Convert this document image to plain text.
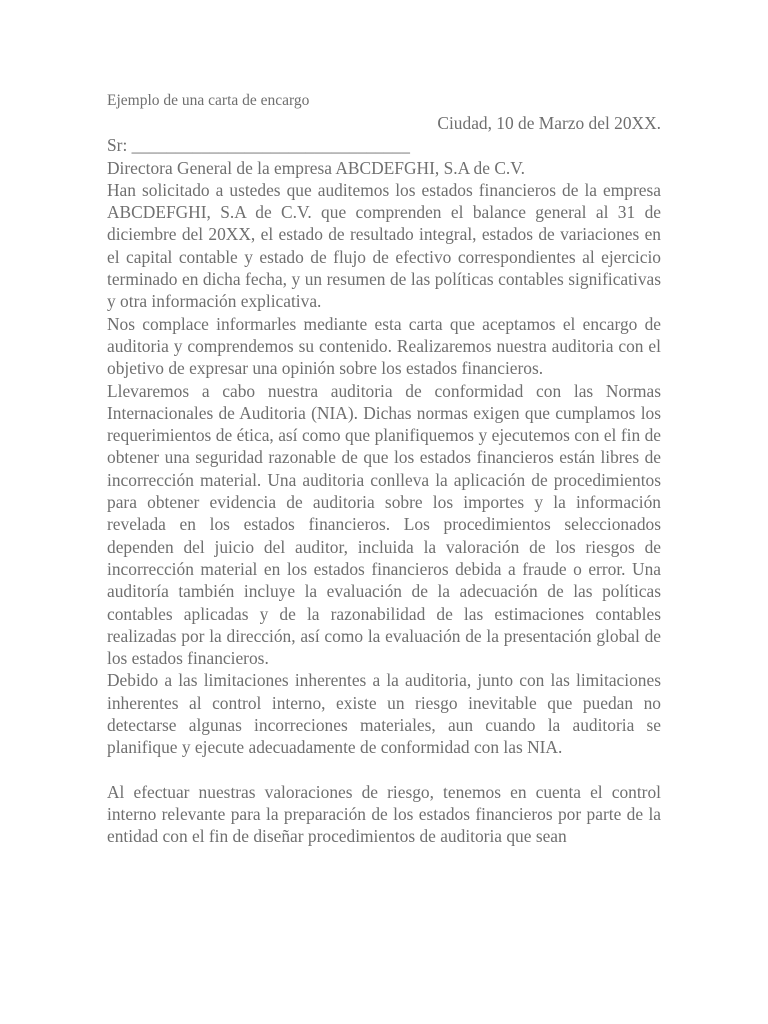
Ejemplo de una carta de encargo

Ciudad, 10 de Marzo del 20XX.

Sr: ________________________________

Directora General de la empresa ABCDEFGHI, S.A de C.V.

Han solicitado a ustedes que auditemos los estados financieros de la empresa ABCDEFGHI, S.A de C.V. que comprenden el balance general al 31 de diciembre del 20XX, el estado de resultado integral, estados de variaciones en el capital contable y estado de flujo de efectivo correspondientes al ejercicio terminado en dicha fecha, y un resumen de las políticas contables significativas y otra información explicativa.

Nos complace informarles mediante esta carta que aceptamos el encargo de auditoria y comprendemos su contenido. Realizaremos nuestra auditoria con el objetivo de expresar una opinión sobre los estados financieros.

Llevaremos a cabo nuestra auditoria de conformidad con las Normas Internacionales de Auditoria (NIA). Dichas normas exigen que cumplamos los requerimientos de ética, así como que planifiquemos y ejecutemos con el fin de obtener una seguridad razonable de que los estados financieros están libres de incorrección material. Una auditoria conlleva la aplicación de procedimientos para obtener evidencia de auditoria sobre los importes y la información revelada en los estados financieros. Los procedimientos seleccionados dependen del juicio del auditor, incluida la valoración de los riesgos de incorrección material en los estados financieros debida a fraude o error. Una auditoría también incluye la evaluación de la adecuación de las políticas contables aplicadas y de la razonabilidad de las estimaciones contables realizadas por la dirección, así como la evaluación de la presentación global de los estados financieros.

Debido a las limitaciones inherentes a la auditoria, junto con las limitaciones inherentes al control interno, existe un riesgo inevitable que puedan no detectarse algunas incorreciones materiales, aun cuando la auditoria se planifique y ejecute adecuadamente de conformidad con las NIA.

Al efectuar nuestras valoraciones de riesgo, tenemos en cuenta el control interno relevante para la preparación de los estados financieros por parte de la entidad con el fin de diseñar procedimientos de auditoria que sean
